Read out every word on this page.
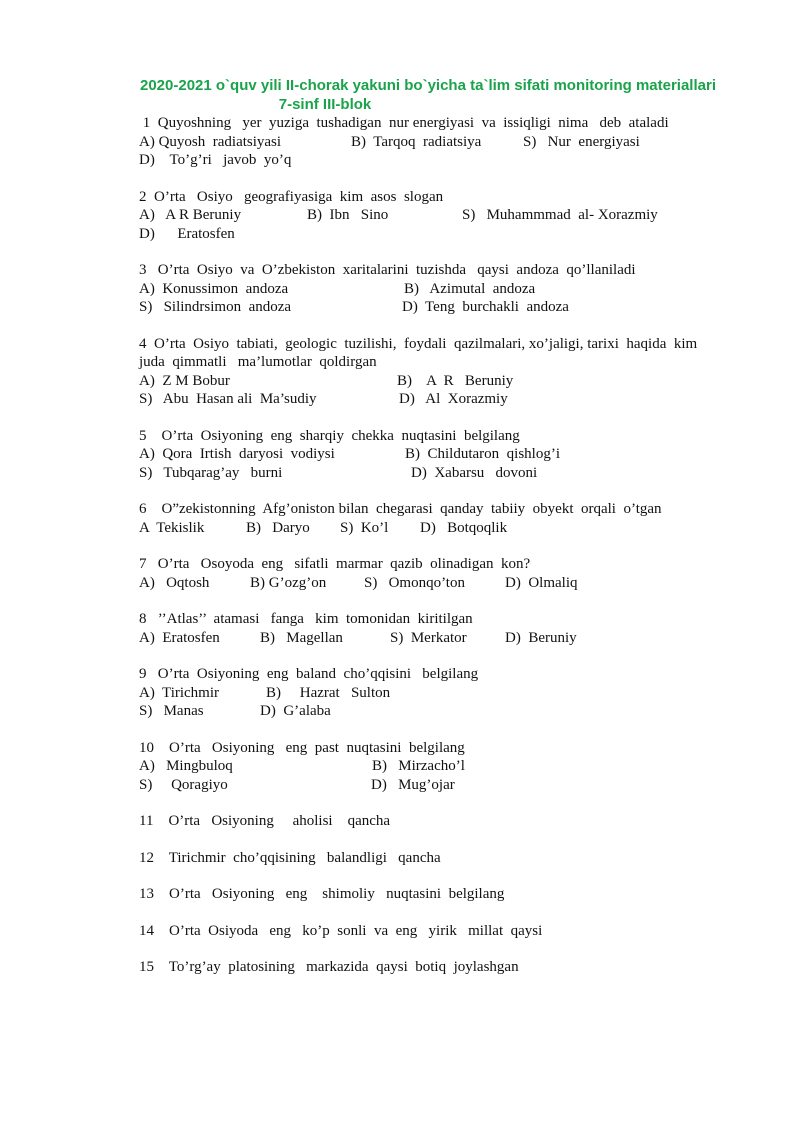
2020-2021 o`quv yili II-chorak yakuni bo`yicha ta`lim sifati monitoring materiallari
7-sinf III-blok
1  Quyoshning   yer  yuziga  tushadigan  nur energiyasi  va  issiqligi  nima   deb  ataladi
A) Quyosh  radiatsiyasi	B)  Tarqoq  radiatsiya	S)   Nur  energiyasi
D)    To’g’ri   javob  yo’q
2  O’rta   Osiyo   geografiyasiga  kim  asos  slogan
A)   A R Beruniy	B)  Ibn   Sino	S)   Muhammmad  al- Xorazmiy
D)      Eratosfen
3   O’rta  Osiyo  va  O’zbekiston  xaritalarini  tuzishda   qaysi  andoza  qo’llaniladi
A)  Konussimon  andoza	B)   Azimutal  andoza
S)   Silindrsimon  andoza	D)  Teng  burchakli  andoza
4  O’rta  Osiyo  tabiati,  geologic  tuzilishi,  foydali  qazilmalari, xo’jaligi, tarixi  haqida  kim
juda  qimmatli   ma’lumotlar  qoldirgan
A)  Z M Bobur	B)    A  R   Beruniy
S)   Abu  Hasan ali  Ma’sudiy	D)   Al  Xorazmiy
5    O’rta  Osiyoning  eng  sharqiy  chekka  nuqtasini  belgilang
A)  Qora  Irtish  daryosi  vodiysi	B)  Childutaron  qishlog’i
S)   Tubqarag’ay   burni	D)  Xabarsu   dovoni
6    O”zekistonning  Afg’oniston bilan  chegarasi  qanday  tabiiy  obyekt  orqali  o’tgan
A  Tekislik	B)   Daryo S)  Ko’l D)   Botqoqlik
7   O’rta   Osoyoda  eng   sifatli  marmar  qazib  olinadigan  kon?
A)   Oqtosh	B) G’ozg’on	S)   Omonqo’ton	D)  Olmaliq
8   ’’Atlas’’  atamasi   fanga   kim  tomonidan  kiritilgan
A)  Eratosfen	B)   Magellan	S)  Merkator	D)  Beruniy
9   O’rta  Osiyoning  eng  baland  cho’qqisini   belgilang
A)  Tirichmir	B)     Hazrat   Sulton
S)   Manas	D)  G’alaba
10    O’rta   Osiyoning   eng  past  nuqtasini  belgilang
A)   Mingbuloq	B)   Mirzacho’l
S)     Qoragiyo	D)   Mug’ojar
11    O’rta   Osiyoning     aholisi    qancha
12    Tirichmir  cho’qqisining   balandligi   qancha
13    O’rta   Osiyoning   eng    shimoliy   nuqtasini  belgilang
14    O’rta  Osiyoda   eng   ko’p  sonli  va  eng   yirik   millat  qaysi
15    To’rg’ay  platosining   markazida  qaysi  botiq  joylashgan
